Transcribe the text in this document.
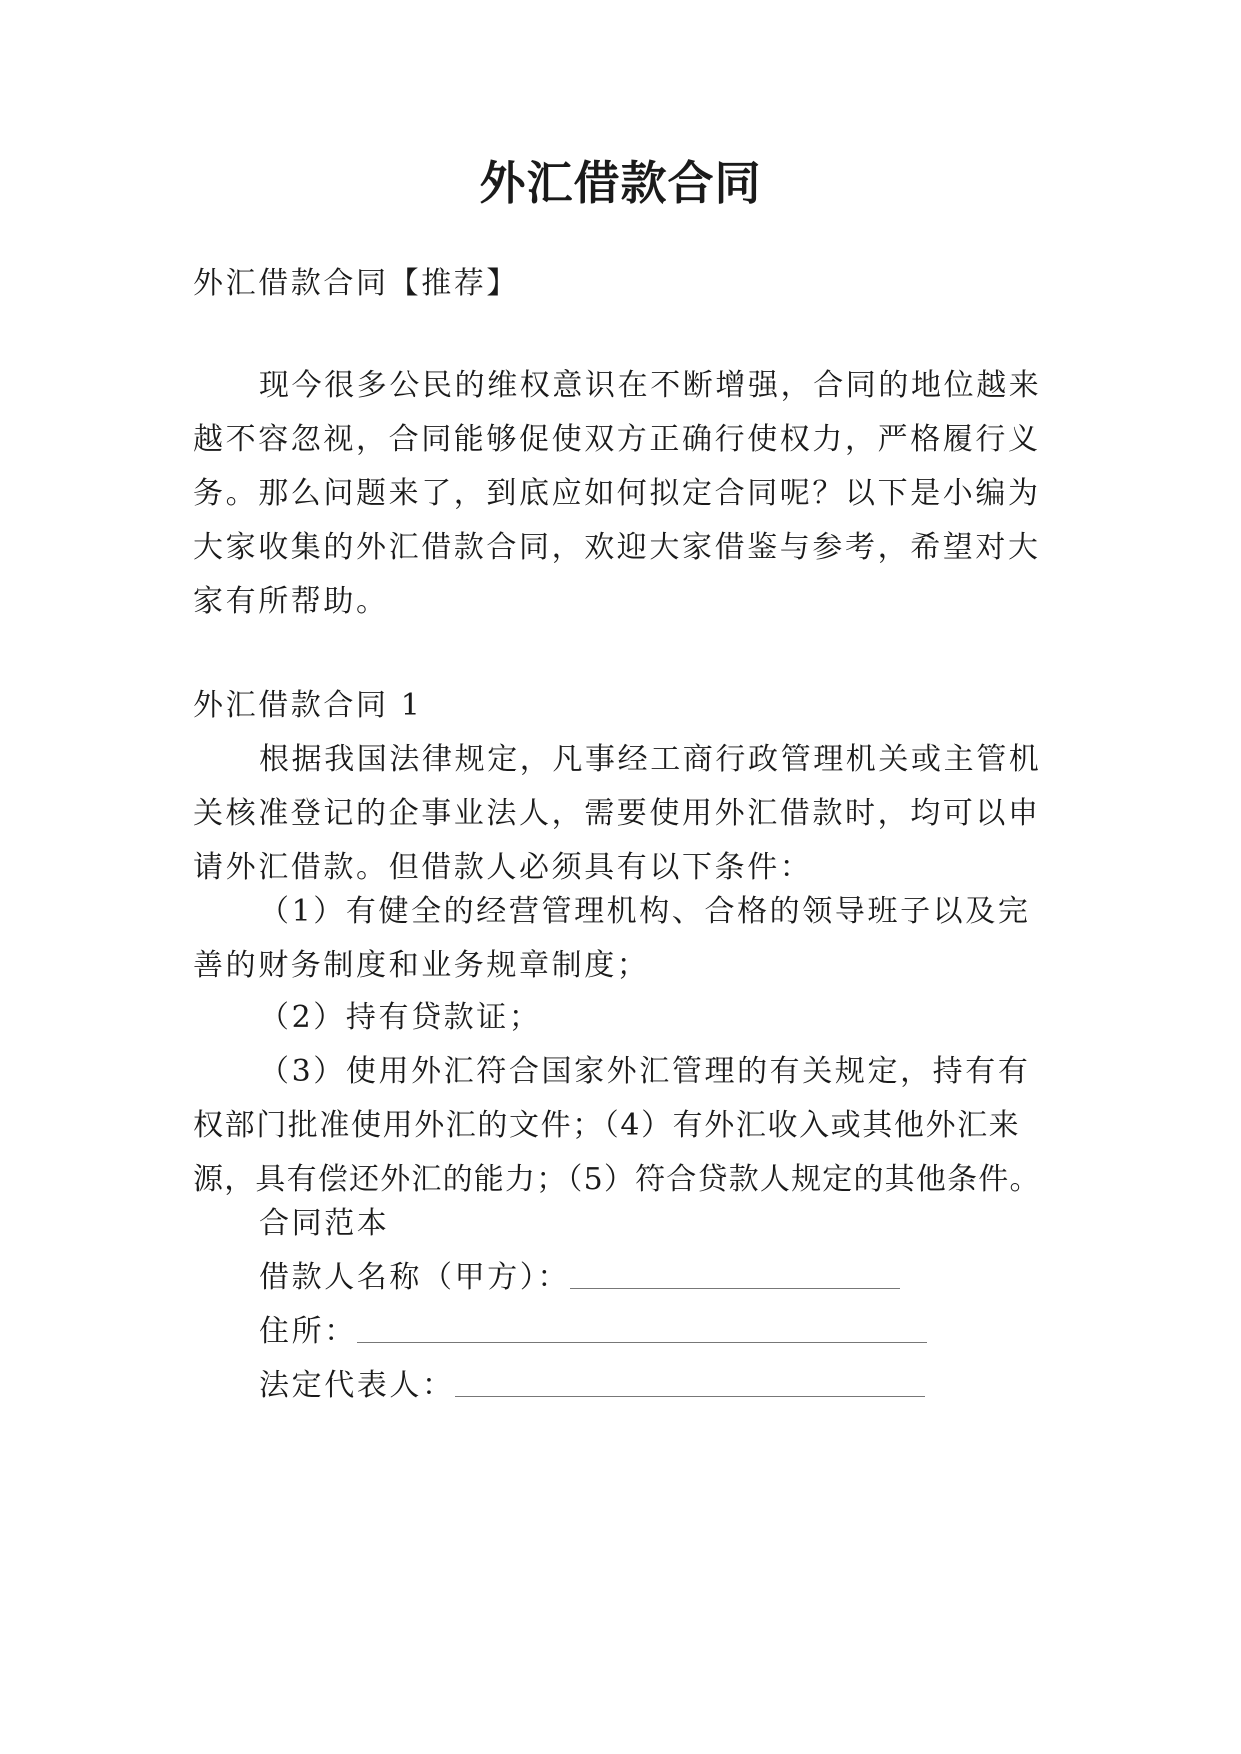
外汇借款合同
外汇借款合同【推荐】
现今很多公民的维权意识在不断增强，合同的地位越来
越不容忽视，合同能够促使双方正确行使权力，严格履行义
务。那么问题来了，到底应如何拟定合同呢？以下是小编为
大家收集的外汇借款合同，欢迎大家借鉴与参考，希望对大
家有所帮助。
外汇借款合同 1
根据我国法律规定，凡事经工商行政管理机关或主管机
关核准登记的企事业法人，需要使用外汇借款时，均可以申
请外汇借款。但借款人必须具有以下条件：
（1）有健全的经营管理机构、合格的领导班子以及完
善的财务制度和业务规章制度；
（2）持有贷款证；
（3）使用外汇符合国家外汇管理的有关规定，持有有
权部门批准使用外汇的文件；（4）有外汇收入或其他外汇来
源，具有偿还外汇的能力；（5）符合贷款人规定的其他条件。
合同范本
借款人名称（甲方）：
住所：
法定代表人：
